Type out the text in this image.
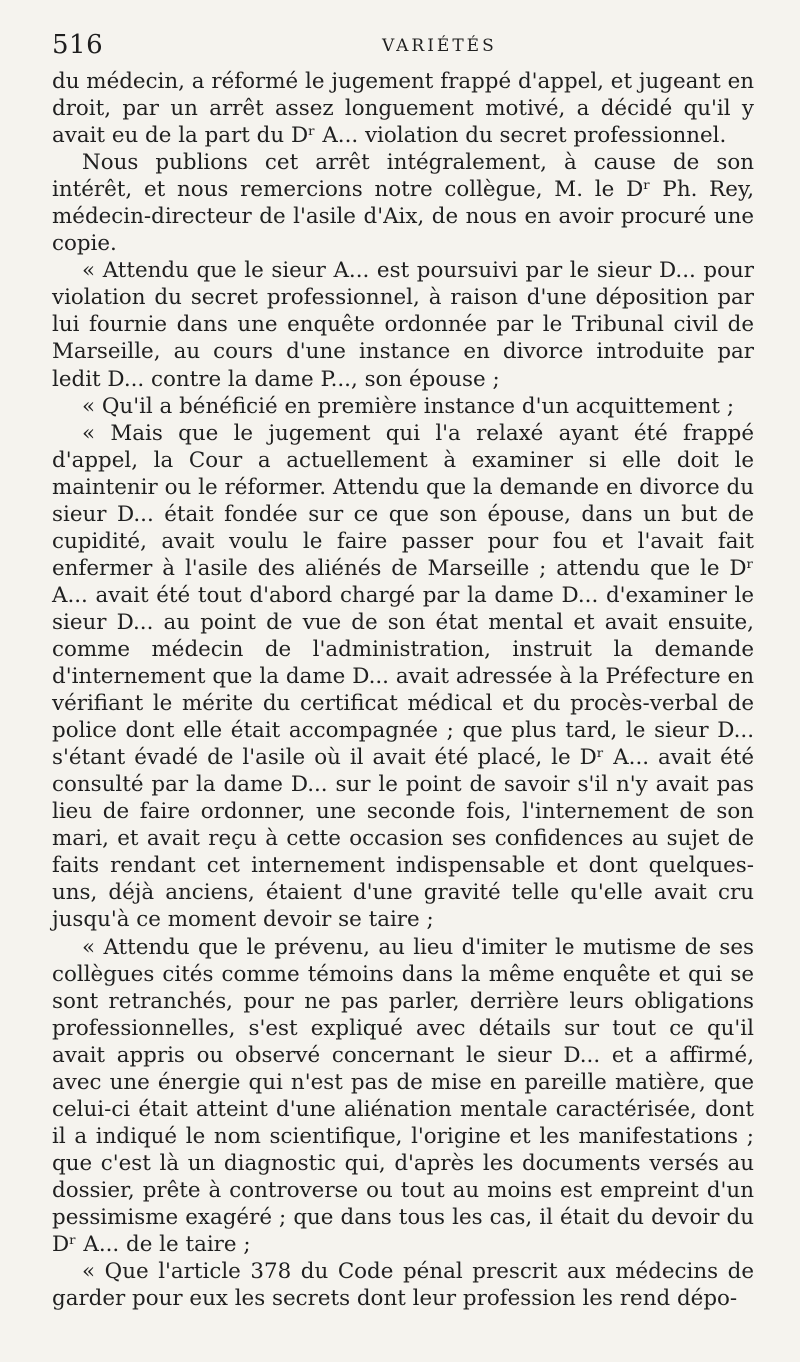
516	VARIÉTÉS

du médecin, a réformé le jugement frappé d'appel, et jugeant en droit, par un arrêt assez longuement motivé, a décidé qu'il y avait eu de la part du Dʳ A... violation du secret professionnel.

Nous publions cet arrêt intégralement, à cause de son intérêt, et nous remercions notre collègue, M. le Dʳ Ph. Rey, médecin-directeur de l'asile d'Aix, de nous en avoir procuré une copie.

« Attendu que le sieur A... est poursuivi par le sieur D... pour violation du secret professionnel, à raison d'une déposition par lui fournie dans une enquête ordonnée par le Tribunal civil de Marseille, au cours d'une instance en divorce introduite par ledit D... contre la dame P..., son épouse ;

« Qu'il a bénéficié en première instance d'un acquittement ;

« Mais que le jugement qui l'a relaxé ayant été frappé d'appel, la Cour a actuellement à examiner si elle doit le maintenir ou le réformer. Attendu que la demande en divorce du sieur D... était fondée sur ce que son épouse, dans un but de cupidité, avait voulu le faire passer pour fou et l'avait fait enfermer à l'asile des aliénés de Marseille ; attendu que le Dʳ A... avait été tout d'abord chargé par la dame D... d'examiner le sieur D... au point de vue de son état mental et avait ensuite, comme médecin de l'administration, instruit la demande d'internement que la dame D... avait adressée à la Préfecture en vérifiant le mérite du certificat médical et du procès-verbal de police dont elle était accompagnée ; que plus tard, le sieur D... s'étant évadé de l'asile où il avait été placé, le Dʳ A... avait été consulté par la dame D... sur le point de savoir s'il n'y avait pas lieu de faire ordonner, une seconde fois, l'internement de son mari, et avait reçu à cette occasion ses confidences au sujet de faits rendant cet internement indispensable et dont quelques-uns, déjà anciens, étaient d'une gravité telle qu'elle avait cru jusqu'à ce moment devoir se taire ;

« Attendu que le prévenu, au lieu d'imiter le mutisme de ses collègues cités comme témoins dans la même enquête et qui se sont retranchés, pour ne pas parler, derrière leurs obligations professionnelles, s'est expliqué avec détails sur tout ce qu'il avait appris ou observé concernant le sieur D... et a affirmé, avec une énergie qui n'est pas de mise en pareille matière, que celui-ci était atteint d'une aliénation mentale caractérisée, dont il a indiqué le nom scientifique, l'origine et les manifestations ; que c'est là un diagnostic qui, d'après les documents versés au dossier, prête à controverse ou tout au moins est empreint d'un pessimisme exagéré ; que dans tous les cas, il était du devoir du Dʳ A... de le taire ;

« Que l'article 378 du Code pénal prescrit aux médecins de garder pour eux les secrets dont leur profession les rend dépo-
